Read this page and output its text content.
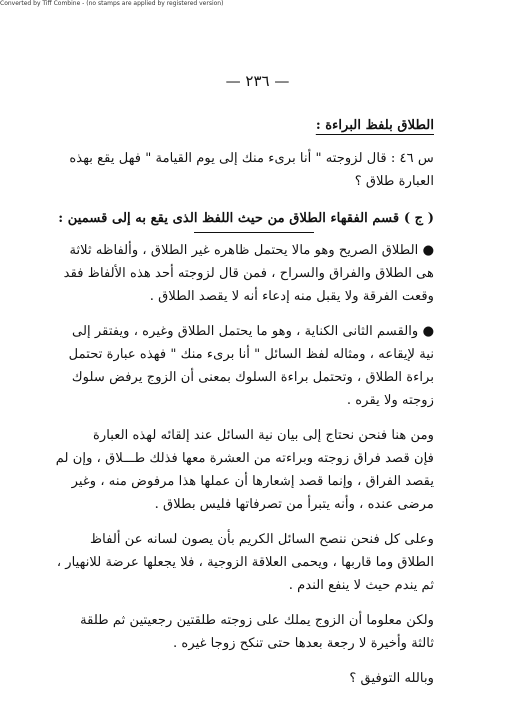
Converted by Tiff Combine - (no stamps are applied by registered version)
— ٢٣٦ —
الطلاق بلفظ البراءة :
س ٤٦ : قال لزوجته " أنا برىء منك إلى يوم القيامة " فهل يقع بهذه
العبارة طلاق ؟
( ج ) قسم الفقهاء الطلاق من حيث اللفظ الذى يقع به إلى قسمين :
● الطلاق الصريح وهو مالا يحتمل ظاهره غير الطلاق ، وألفاظه ثلاثة
هى الطلاق والفراق والسراح ، فمن قال لزوجته أحد هذه الألفاظ فقد
وقعت الفرقة ولا يقبل منه إدعاء أنه لا يقصد الطلاق .
● والقسم الثانى الكناية ، وهو ما يحتمل الطلاق وغيره ، ويفتقر إلى
نية لإيقاعه ، ومثاله لفظ السائل " أنا برىء منك " فهذه عبارة تحتمل
براءة الطلاق ، وتحتمل براءة السلوك بمعنى أن الزوج يرفض سلوك
زوجته ولا يقره .
ومن هنا فنحن نحتاج إلى بيان نية السائل عند إلقائه لهذه العبارة
فإن قصد فراق زوجته وبراءته من العشرة معها فذلك طـــلاق ، وإن لم
يقصد الفراق ، وإنما قصد إشعارها أن عملها هذا مرفوض منه ، وغير
مرضى عنده ، وأنه يتبرأ من تصرفاتها فليس بطلاق .
وعلى كل فنحن ننصح السائل الكريم بأن يصون لسانه عن ألفاظ
الطلاق وما قاربها ، ويحمى العلاقة الزوجية ، فلا يجعلها عرضة للانهيار ،
ثم يندم حيث لا ينفع الندم .
ولكن معلوما أن الزوج يملك على زوجته طلقتين رجعيتين ثم طلقة
ثالثة وأخيرة لا رجعة بعدها حتى تنكح زوجا غيره .
وبالله التوفيق ؟
